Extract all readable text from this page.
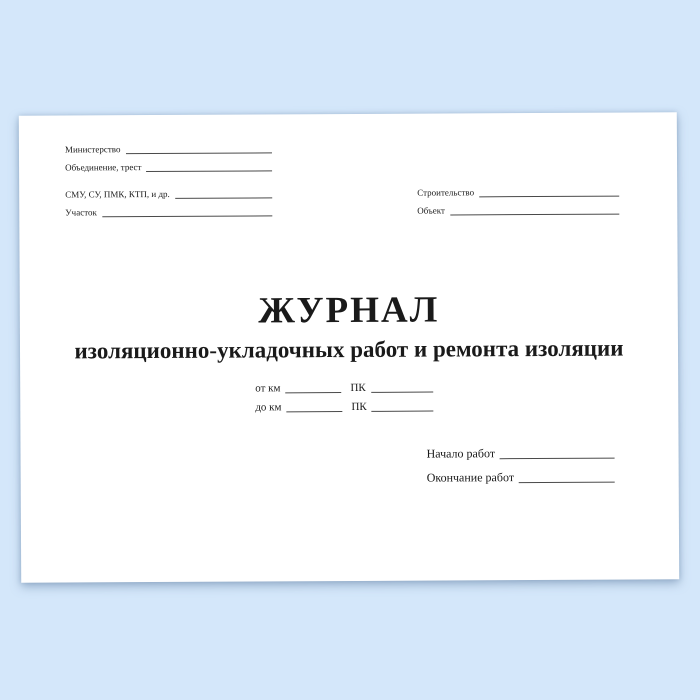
Министерство
Объединение, трест
СМУ, СУ, ПМК, КТП, и др.
Участок
Строительство
Объект
ЖУРНАЛ
изоляционно-укладочных работ и ремонта изоляции
от км	ПК
до км	ПК
Начало работ
Окончание работ
